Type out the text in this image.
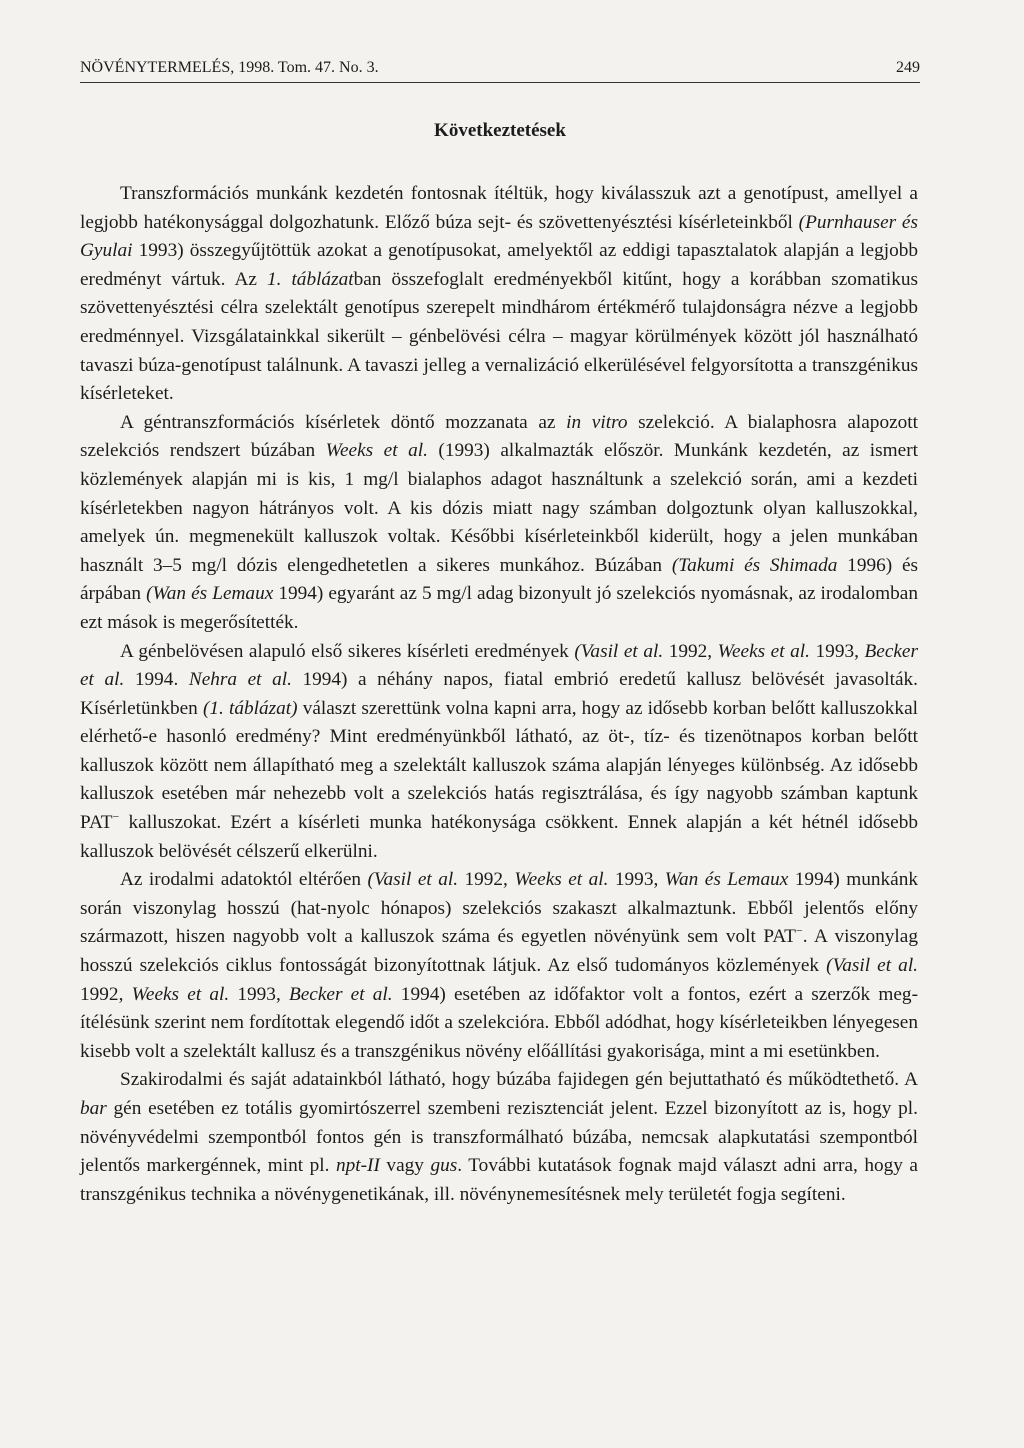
NÖVÉNYTERMELÉS, 1998. Tom. 47. No. 3.	249
Következtetések

Transzformációs munkánk kezdetén fontosnak ítéltük, hogy kiválasszuk azt a genotípust, amellyel a legjobb hatékonysággal dolgozhatunk. Előző búza sejt- és szövettenyésztési kísérleteinkből (Purnhauser és Gyulai 1993) összegyűjtöttük azokat a genotípusokat, amelyektől az eddigi tapasztalatok alapján a legjobb eredményt vártuk. Az 1. táblázatban összefoglalt eredményekből kitűnt, hogy a korábban szomatikus szövettenyésztési célra szelektált genotípus szerepelt mindhárom értékmérő tulajdonságra nézve a legjobb eredménnyel. Vizsgálatainkkal sikerült – génbelövési célra – magyar körülmények között jól használható tavaszi búza-genotípust találnunk. A tavaszi jelleg a vernalizáció elkerülésével felgyorsította a transzgénikus kísérleteket.

A géntranszformációs kísérletek döntő mozzanata az in vitro szelekció. A bialaphosra alapozott szelekciós rendszert búzában Weeks et al. (1993) alkalmazták először. Munkánk kezdetén, az ismert közlemények alapján mi is kis, 1 mg/l bialaphos adagot használtunk a szelekció során, ami a kezdeti kísérletekben nagyon hátrányos volt. A kis dózis miatt nagy számban dolgoztunk olyan kalluszokkal, amelyek ún. megmenekült kalluszok voltak. Későbbi kísérleteinkből kiderült, hogy a jelen munkában használt 3–5 mg/l dózis elengedhetetlen a sikeres munkához. Búzában (Takumi és Shimada 1996) és árpában (Wan és Lemaux 1994) egyaránt az 5 mg/l adag bizonyult jó szelekciós nyomásnak, az irodalomban ezt mások is megerősítették.

A génbelövésen alapuló első sikeres kísérleti eredmények (Vasil et al. 1992, Weeks et al. 1993, Becker et al. 1994. Nehra et al. 1994) a néhány napos, fiatal embrió eredetű kallusz belövését javasolták. Kísérletünkben (1. táblázat) választ szerettünk volna kapni arra, hogy az idősebb korban belőtt kalluszokkal elérhető-e hasonló eredmény? Mint eredményünkből látható, az öt-, tíz- és tizenötnapos korban belőtt kalluszok között nem állapítható meg a szelektált kalluszok száma alapján lényeges különbség. Az idősebb kalluszok esetében már nehezebb volt a szelekciós hatás regisztrálása, és így nagyobb számban kaptunk PAT− kalluszokat. Ezért a kísérleti munka hatékonysága csökkent. Ennek alapján a két hétnél idősebb kalluszok belövését célszerű elkerülni.

Az irodalmi adatoktól eltérően (Vasil et al. 1992, Weeks et al. 1993, Wan és Lemaux 1994) munkánk során viszonylag hosszú (hat-nyolc hónapos) szelekciós szakaszt alkalmaztunk. Ebből jelentős előny származott, hiszen nagyobb volt a kalluszok száma és egyetlen növényünk sem volt PAT−. A viszonylag hosszú szelekciós ciklus fontosságát bizonyítottnak látjuk. Az első tudományos közlemények (Vasil et al. 1992, Weeks et al. 1993, Becker et al. 1994) esetében az időfaktor volt a fontos, ezért a szerzők megítélésünk szerint nem fordítottak elegendő időt a szelekcióra. Ebből adódhat, hogy kísérleteikben lényegesen kisebb volt a szelektált kallusz és a transzgénikus növény előállítási gyakorisága, mint a mi esetünkben.

Szakirodalmi és saját adatainkból látható, hogy búzába fajidegen gén bejuttatható és működtethető. A bar gén esetében ez totális gyomirtószerrel szembeni rezisztenciát jelent. Ezzel bizonyított az is, hogy pl. növényvédelmi szempontból fontos gén is transzformálható búzába, nemcsak alapkutatási szempontból jelentős markergénnek, mint pl. npt-II vagy gus. További kutatások fognak majd választ adni arra, hogy a transzgénikus technika a növénygenetikának, ill. növénynemesítésnek mely területét fogja segíteni.
